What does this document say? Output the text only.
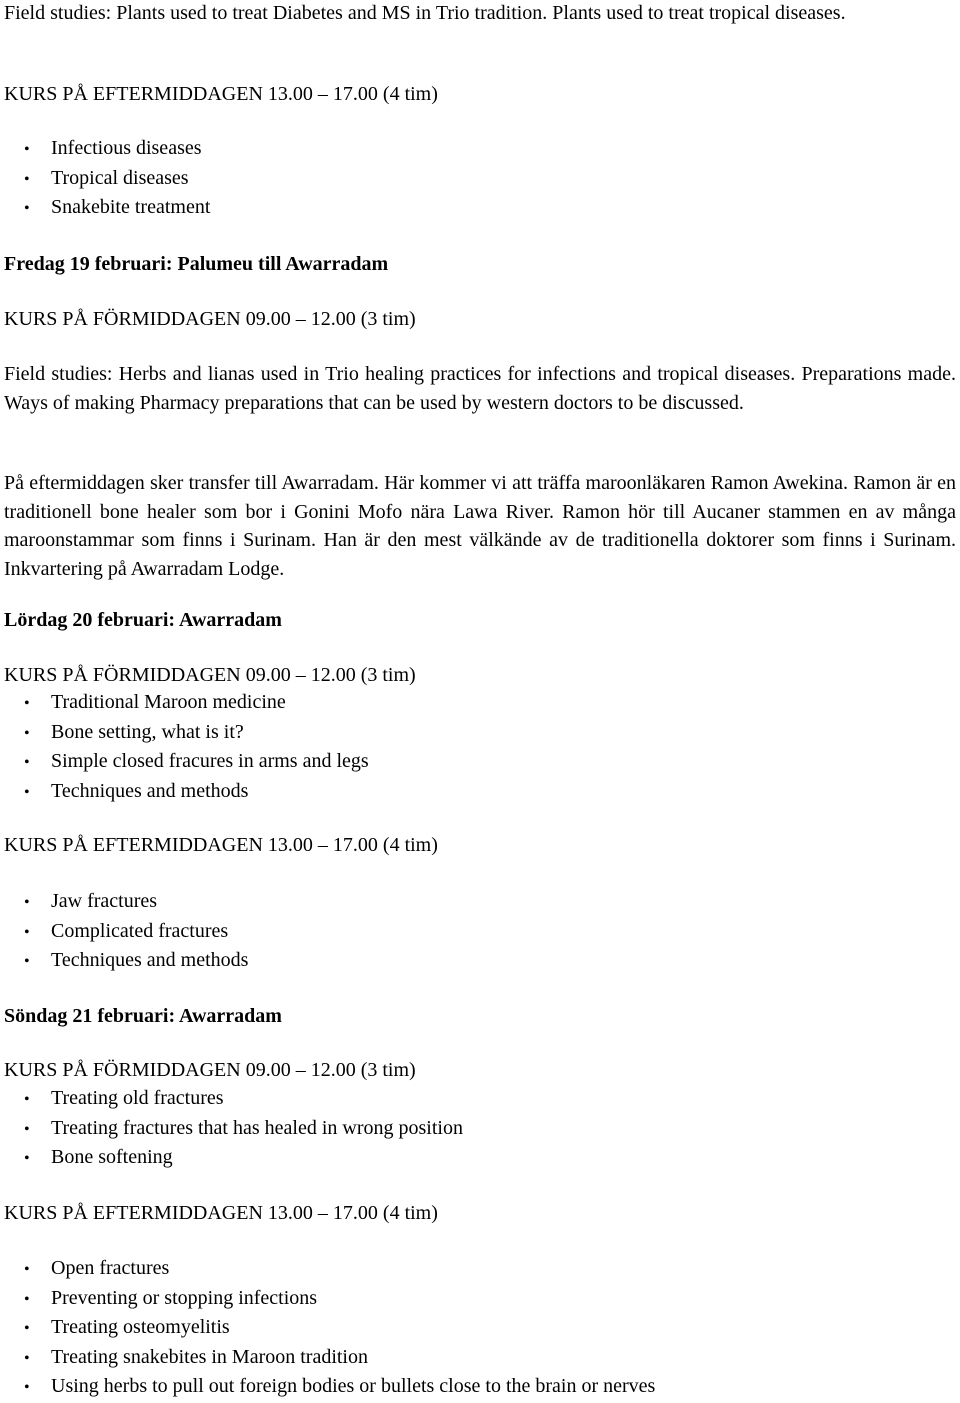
Field studies: Plants used to treat Diabetes and MS in Trio tradition. Plants used to treat tropical diseases.

KURS PÅ EFTERMIDDAGEN 13.00 – 17.00 (4 tim)

• Infectious diseases
• Tropical diseases
• Snakebite treatment

Fredag 19 februari: Palumeu till Awarradam

KURS PÅ FÖRMIDDAGEN 09.00 – 12.00 (3 tim)

Field studies: Herbs and lianas used in Trio healing practices for infections and tropical diseases. Preparations made. Ways of making Pharmacy preparations that can be used by western doctors to be discussed.

På eftermiddagen sker transfer till Awarradam. Här kommer vi att träffa maroonläkaren Ramon Awekina. Ramon är en traditionell bone healer som bor i Gonini Mofo nära Lawa River. Ramon hör till Aucaner stammen en av många maroonstammar som finns i Surinam. Han är den mest välkände av de traditionella doktorer som finns i Surinam. Inkvartering på Awarradam Lodge.

Lördag 20 februari: Awarradam

KURS PÅ FÖRMIDDAGEN 09.00 – 12.00 (3 tim)

• Traditional Maroon medicine
• Bone setting, what is it?
• Simple closed fracures in arms and legs
• Techniques and methods

KURS PÅ EFTERMIDDAGEN 13.00 – 17.00 (4 tim)

• Jaw fractures
• Complicated fractures
• Techniques and methods

Söndag 21 februari: Awarradam

KURS PÅ FÖRMIDDAGEN 09.00 – 12.00 (3 tim)

• Treating old fractures
• Treating fractures that has healed in wrong position
• Bone softening

KURS PÅ EFTERMIDDAGEN 13.00 – 17.00 (4 tim)

• Open fractures
• Preventing or stopping infections
• Treating osteomyelitis
• Treating snakebites in Maroon tradition
• Using herbs to pull out foreign bodies or bullets close to the brain or nerves
